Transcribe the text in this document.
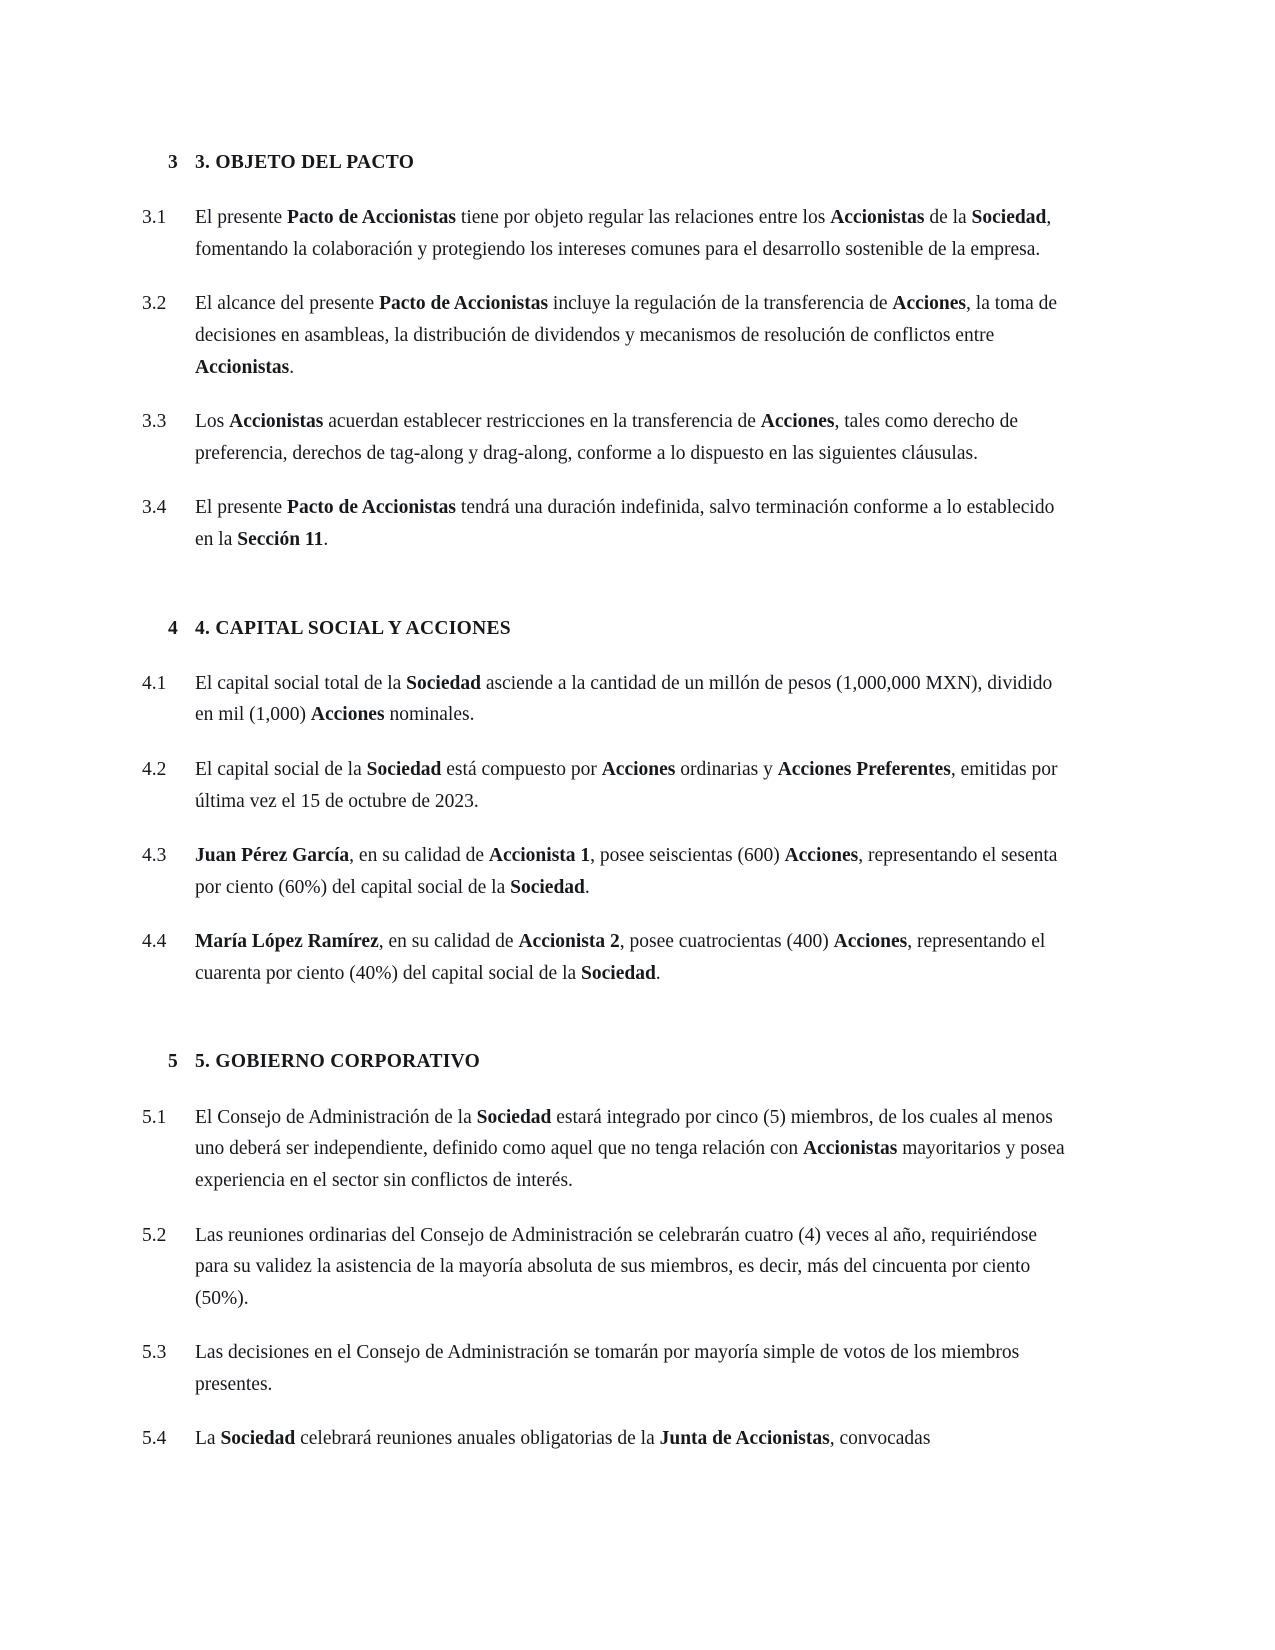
3 3. OBJETO DEL PACTO
3.1	El presente Pacto de Accionistas tiene por objeto regular las relaciones entre los Accionistas de la Sociedad, fomentando la colaboración y protegiendo los intereses comunes para el desarrollo sostenible de la empresa.
3.2	El alcance del presente Pacto de Accionistas incluye la regulación de la transferencia de Acciones, la toma de decisiones en asambleas, la distribución de dividendos y mecanismos de resolución de conflictos entre Accionistas.
3.3	Los Accionistas acuerdan establecer restricciones en la transferencia de Acciones, tales como derecho de preferencia, derechos de tag-along y drag-along, conforme a lo dispuesto en las siguientes cláusulas.
3.4	El presente Pacto de Accionistas tendrá una duración indefinida, salvo terminación conforme a lo establecido en la Sección 11.
4 4. CAPITAL SOCIAL Y ACCIONES
4.1	El capital social total de la Sociedad asciende a la cantidad de un millón de pesos (1,000,000 MXN), dividido en mil (1,000) Acciones nominales.
4.2	El capital social de la Sociedad está compuesto por Acciones ordinarias y Acciones Preferentes, emitidas por última vez el 15 de octubre de 2023.
4.3	Juan Pérez García, en su calidad de Accionista 1, posee seiscientas (600) Acciones, representando el sesenta por ciento (60%) del capital social de la Sociedad.
4.4	María López Ramírez, en su calidad de Accionista 2, posee cuatrocientas (400) Acciones, representando el cuarenta por ciento (40%) del capital social de la Sociedad.
5 5. GOBIERNO CORPORATIVO
5.1	El Consejo de Administración de la Sociedad estará integrado por cinco (5) miembros, de los cuales al menos uno deberá ser independiente, definido como aquel que no tenga relación con Accionistas mayoritarios y posea experiencia en el sector sin conflictos de interés.
5.2	Las reuniones ordinarias del Consejo de Administración se celebrarán cuatro (4) veces al año, requiriéndose para su validez la asistencia de la mayoría absoluta de sus miembros, es decir, más del cincuenta por ciento (50%).
5.3	Las decisiones en el Consejo de Administración se tomarán por mayoría simple de votos de los miembros presentes.
5.4	La Sociedad celebrará reuniones anuales obligatorias de la Junta de Accionistas, convocadas
